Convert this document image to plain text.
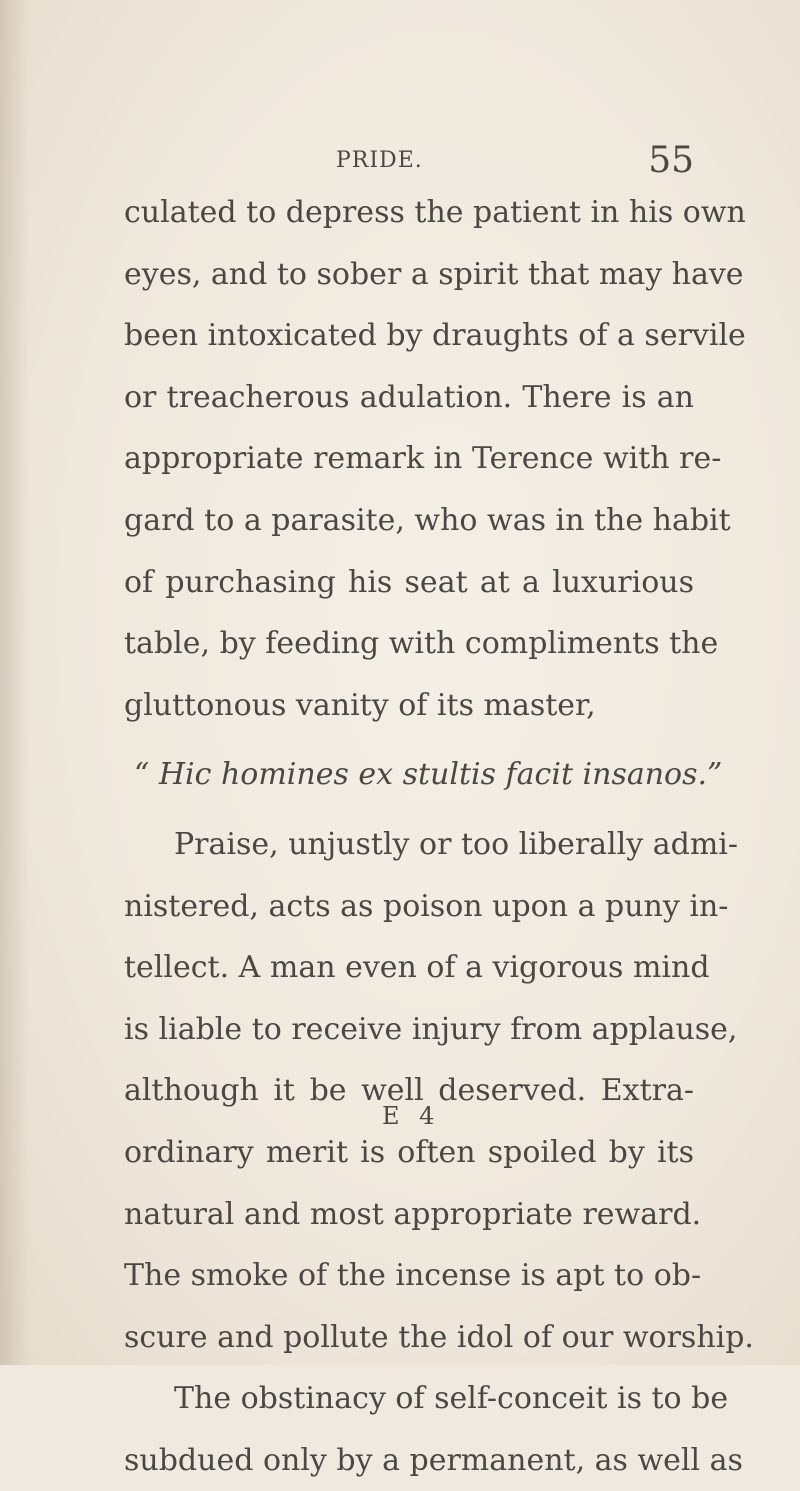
PRIDE.	55
culated to depress the patient in his own
eyes, and to sober a spirit that may have
been intoxicated by draughts of a servile
or treacherous adulation. There is an
appropriate remark in Terence with re-
gard to a parasite, who was in the habit
of purchasing his seat at a luxurious
table, by feeding with compliments the
gluttonous vanity of its master,
“ Hic homines ex stultis facit insanos.”
Praise, unjustly or too liberally admi-
nistered, acts as poison upon a puny in-
tellect. A man even of a vigorous mind
is liable to receive injury from applause,
although it be well deserved. Extra-
ordinary merit is often spoiled by its
natural and most appropriate reward.
The smoke of the incense is apt to ob-
scure and pollute the idol of our worship.
The obstinacy of self-conceit is to be
subdued only by a permanent, as well as
E 4
